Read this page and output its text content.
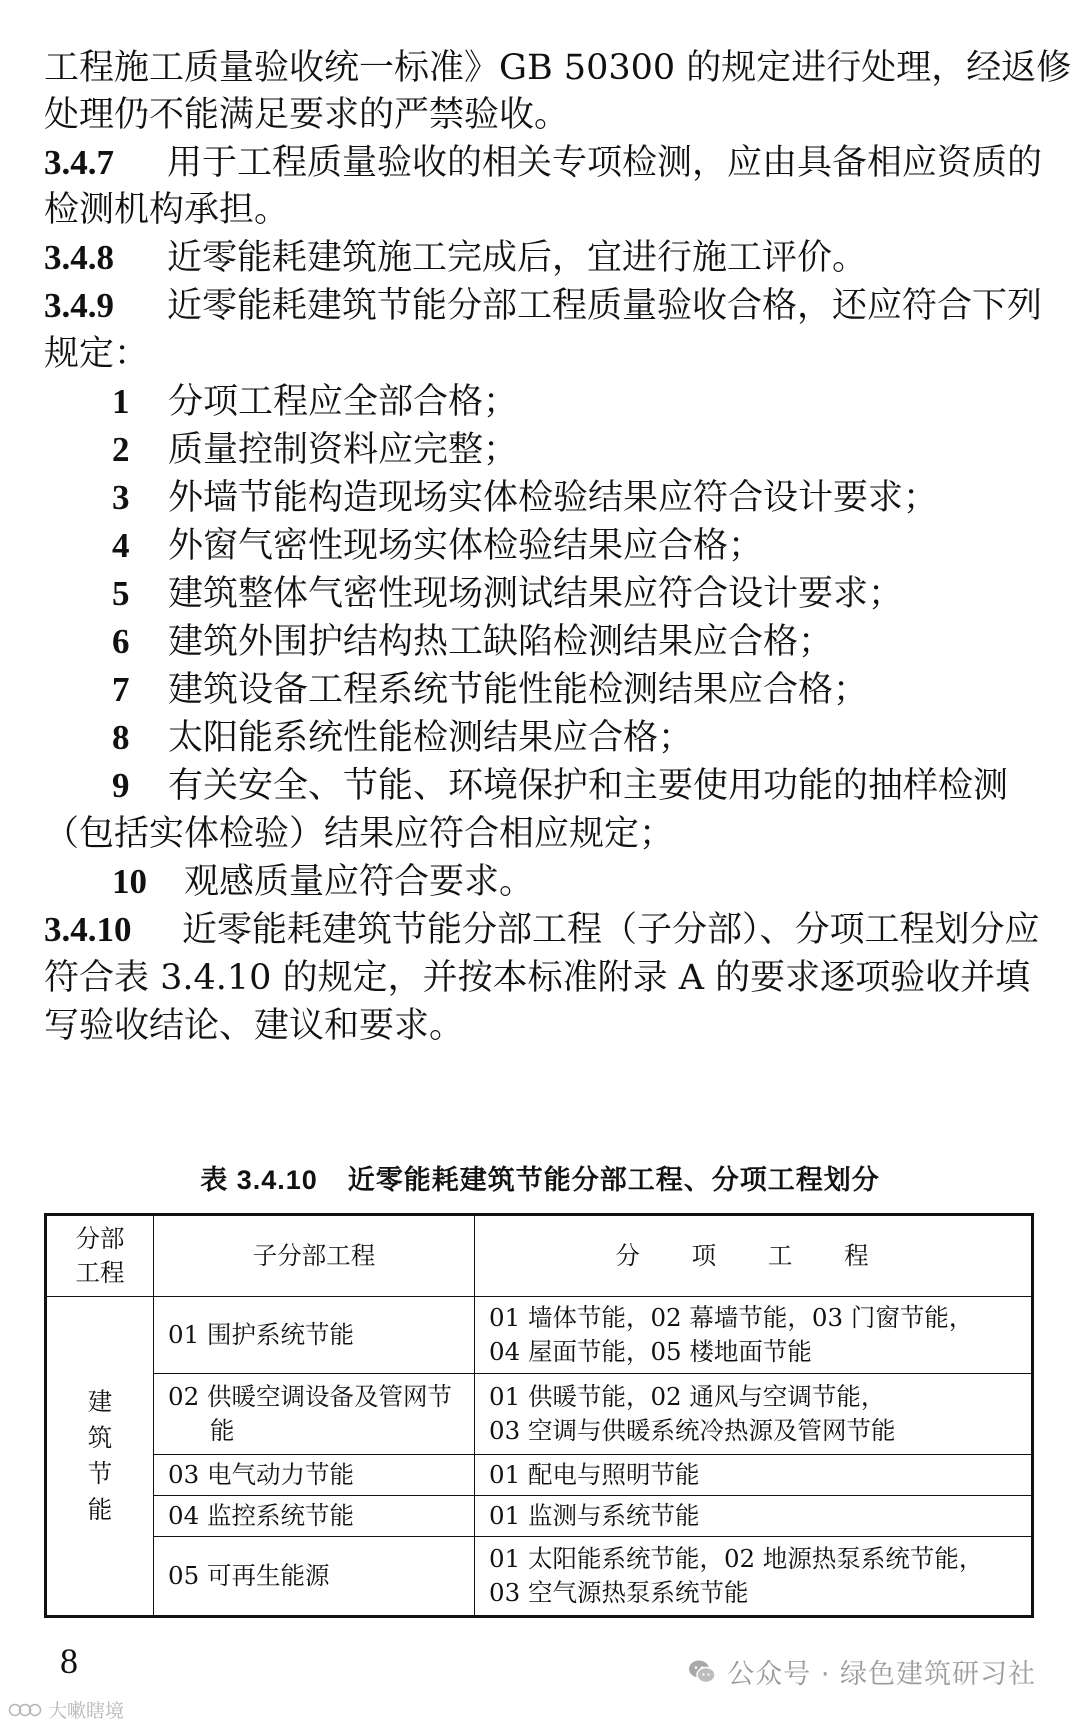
工程施工质量验收统一标准》GB 50300 的规定进行处理，经返修
处理仍不能满足要求的严禁验收。
3.4.7 用于工程质量验收的相关专项检测，应由具备相应资质的
检测机构承担。
3.4.8 近零能耗建筑施工完成后，宜进行施工评价。
3.4.9 近零能耗建筑节能分部工程质量验收合格，还应符合下列
规定：
1 分项工程应全部合格；
2 质量控制资料应完整；
3 外墙节能构造现场实体检验结果应符合设计要求；
4 外窗气密性现场实体检验结果应合格；
5 建筑整体气密性现场测试结果应符合设计要求；
6 建筑外围护结构热工缺陷检测结果应合格；
7 建筑设备工程系统节能性能检测结果应合格；
8 太阳能系统性能检测结果应合格；
9 有关安全、节能、环境保护和主要使用功能的抽样检测
（包括实体检验）结果应符合相应规定；
10 观感质量应符合要求。
3.4.10 近零能耗建筑节能分部工程（子分部）、分项工程划分应
符合表 3.4.10 的规定，并按本标准附录 A 的要求逐项验收并填
写验收结论、建议和要求。
表 3.4.10 近零能耗建筑节能分部工程、分项工程划分
分部
工程	子分部工程	分 项 工 程

建
筑
节
能	01 围护系统节能	01 墙体节能，02 幕墙节能，03 门窗节能，
04 屋面节能，05 楼地面节能

	02 供暖空调设备及管网节能	01 供暖节能，02 通风与空调节能，
03 空调与供暖系统冷热源及管网节能

	03 电气动力节能	01 配电与照明节能
	04 监控系统节能	01 监测与系统节能
	05 可再生能源	01 太阳能系统节能，02 地源热泵系统节能，
03 空气源热泵系统节能
8	公众号 · 绿色建筑研习社
大嗽瞎境
